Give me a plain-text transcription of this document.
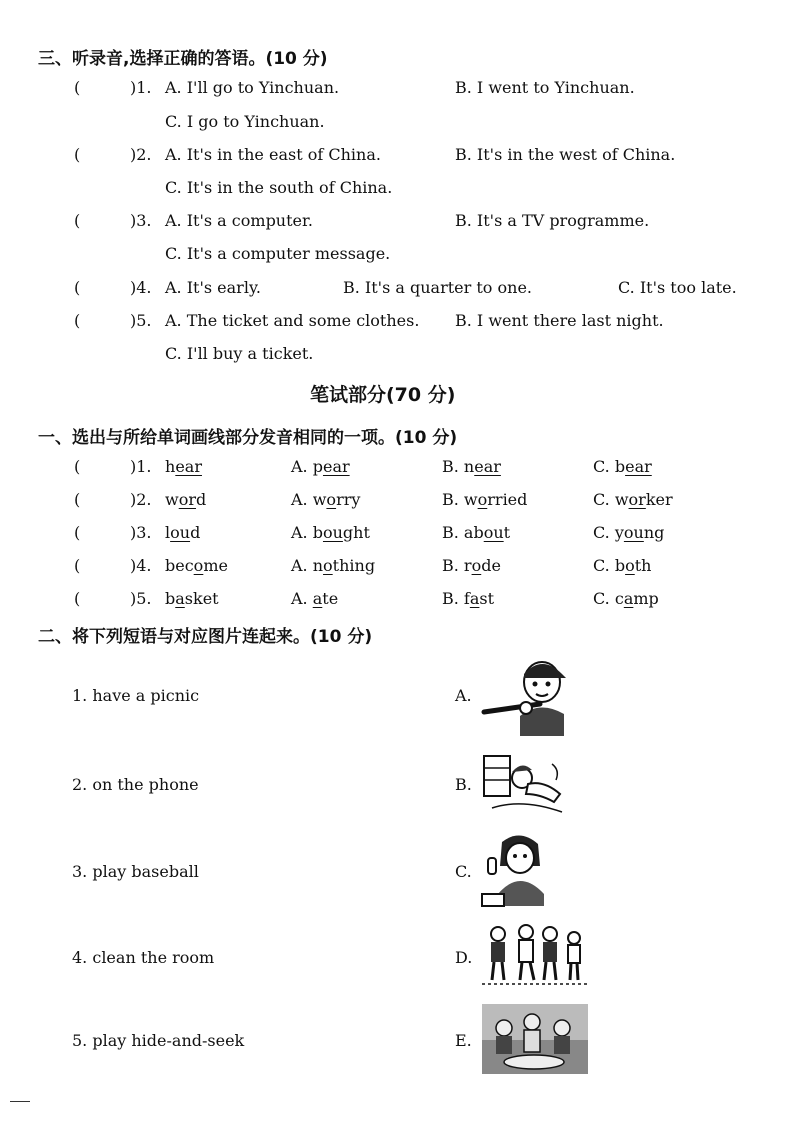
三、听录音,选择正确的答语。(10 分)
(	)1. A. I'll go to Yinchuan.	B. I went to Yinchuan.
C. I go to Yinchuan.
(	)2. A. It's in the east of China.	B. It's in the west of China.
C. It's in the south of China.
(	)3. A. It's a computer.	B. It's a TV programme.
C. It's a computer message.
(	)4. A. It's early.	B. It's a quarter to one.	C. It's too late.
(	)5. A. The ticket and some clothes. B. I went there last night.
C. I'll buy a ticket.
笔试部分(70 分)
一、选出与所给单词画线部分发音相同的一项。(10 分)
(	)1. hear	A. pear	B. near	C. bear
(	)2. word	A. worry	B. worried	C. worker
(	)3. loud	A. bought	B. about	C. young
(	)4. become	A. nothing	B. rode	C. both
(	)5. basket	A. ate	B. fast	C. camp
二、将下列短语与对应图片连起来。(10 分)
1. have a picnic	A.
2. on the phone	B.
3. play baseball	C.
4. clean the room	D.
5. play hide-and-seek	E.
